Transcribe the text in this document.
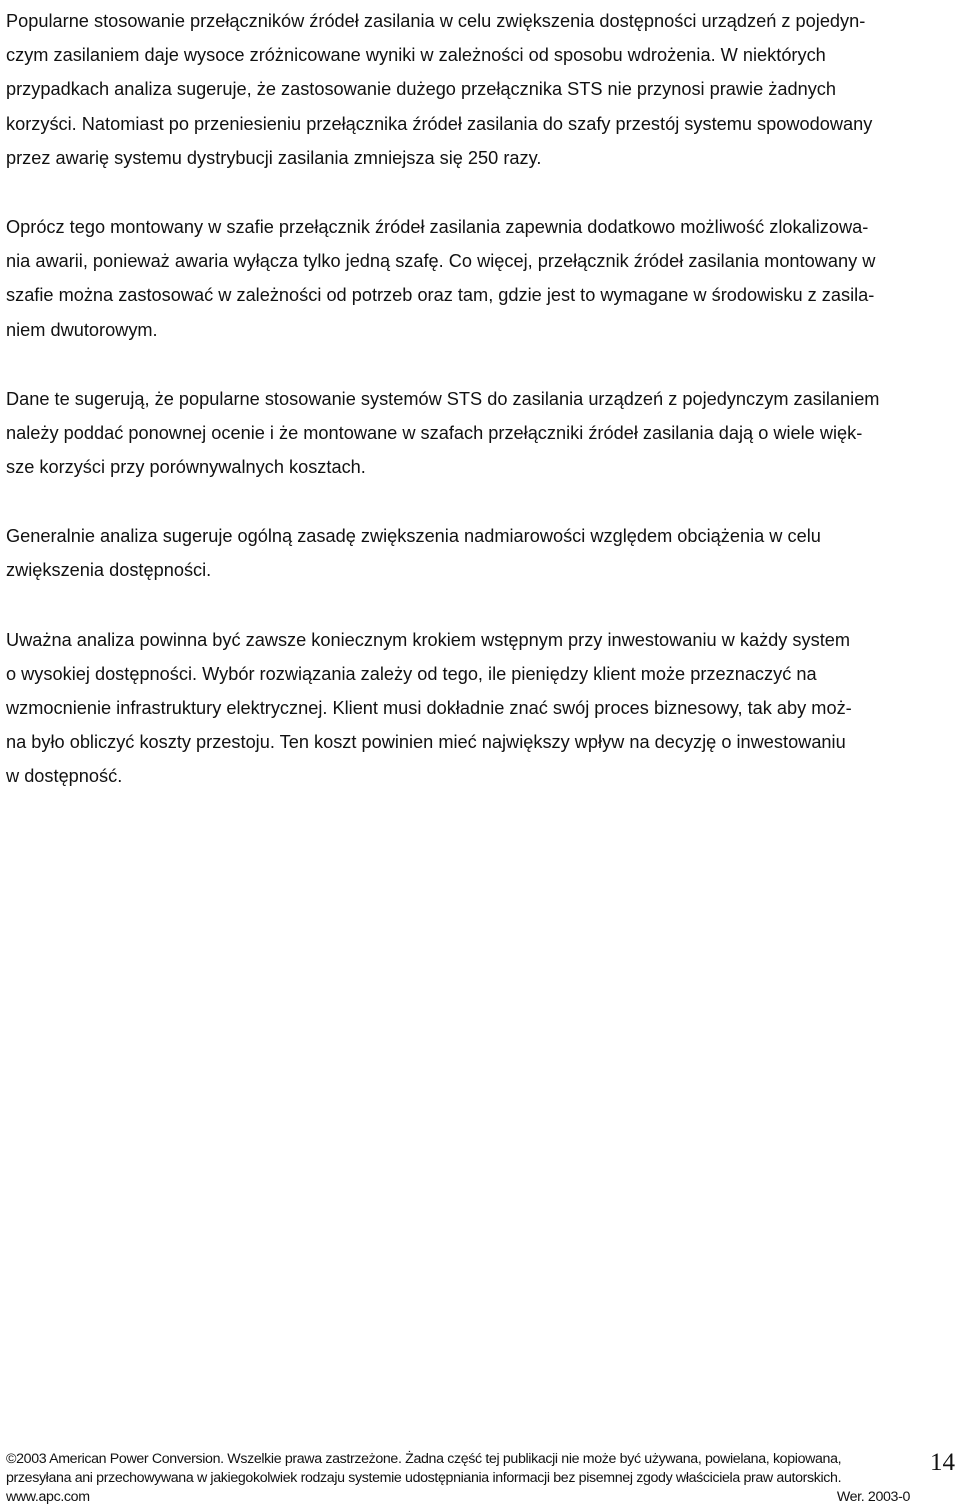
Popularne stosowanie przełączników źródeł zasilania w celu zwiększenia dostępności urządzeń z pojedyn-
czym zasilaniem daje wysoce zróżnicowane wyniki w zależności od sposobu wdrożenia. W niektórych
przypadkach analiza sugeruje, że zastosowanie dużego przełącznika STS nie przynosi prawie żadnych
korzyści. Natomiast po przeniesieniu przełącznika źródeł zasilania do szafy przestój systemu spowodowany
przez awarię systemu dystrybucji zasilania zmniejsza się 250 razy.
Oprócz tego montowany w szafie przełącznik źródeł zasilania zapewnia dodatkowo możliwość zlokalizowa-
nia awarii, ponieważ awaria wyłącza tylko jedną szafę. Co więcej, przełącznik źródeł zasilania montowany w
szafie można zastosować w zależności od potrzeb oraz tam, gdzie jest to wymagane w środowisku z zasila-
niem dwutorowym.
Dane te sugerują, że popularne stosowanie systemów STS do zasilania urządzeń z pojedynczym zasilaniem
należy poddać ponownej ocenie i że montowane w szafach przełączniki źródeł zasilania dają o wiele więk-
sze korzyści przy porównywalnych kosztach.
Generalnie analiza sugeruje ogólną zasadę zwiększenia nadmiarowości względem obciążenia w celu
zwiększenia dostępności.
Uważna analiza powinna być zawsze koniecznym krokiem wstępnym przy inwestowaniu w każdy system
o wysokiej dostępności. Wybór rozwiązania zależy od tego, ile pieniędzy klient może przeznaczyć na
wzmocnienie infrastruktury elektrycznej. Klient musi dokładnie znać swój proces biznesowy, tak aby moż-
na było obliczyć koszty przestoju. Ten koszt powinien mieć największy wpływ na decyzję o inwestowaniu
w dostępność.
©2003 American Power Conversion. Wszelkie prawa zastrzeżone. Żadna część tej publikacji nie może być używana, powielana, kopiowana,
przesyłana ani przechowywana w jakiegokolwiek rodzaju systemie udostępniania informacji bez pisemnej zgody właściciela praw autorskich.
www.apc.com	Wer. 2003-0
14
